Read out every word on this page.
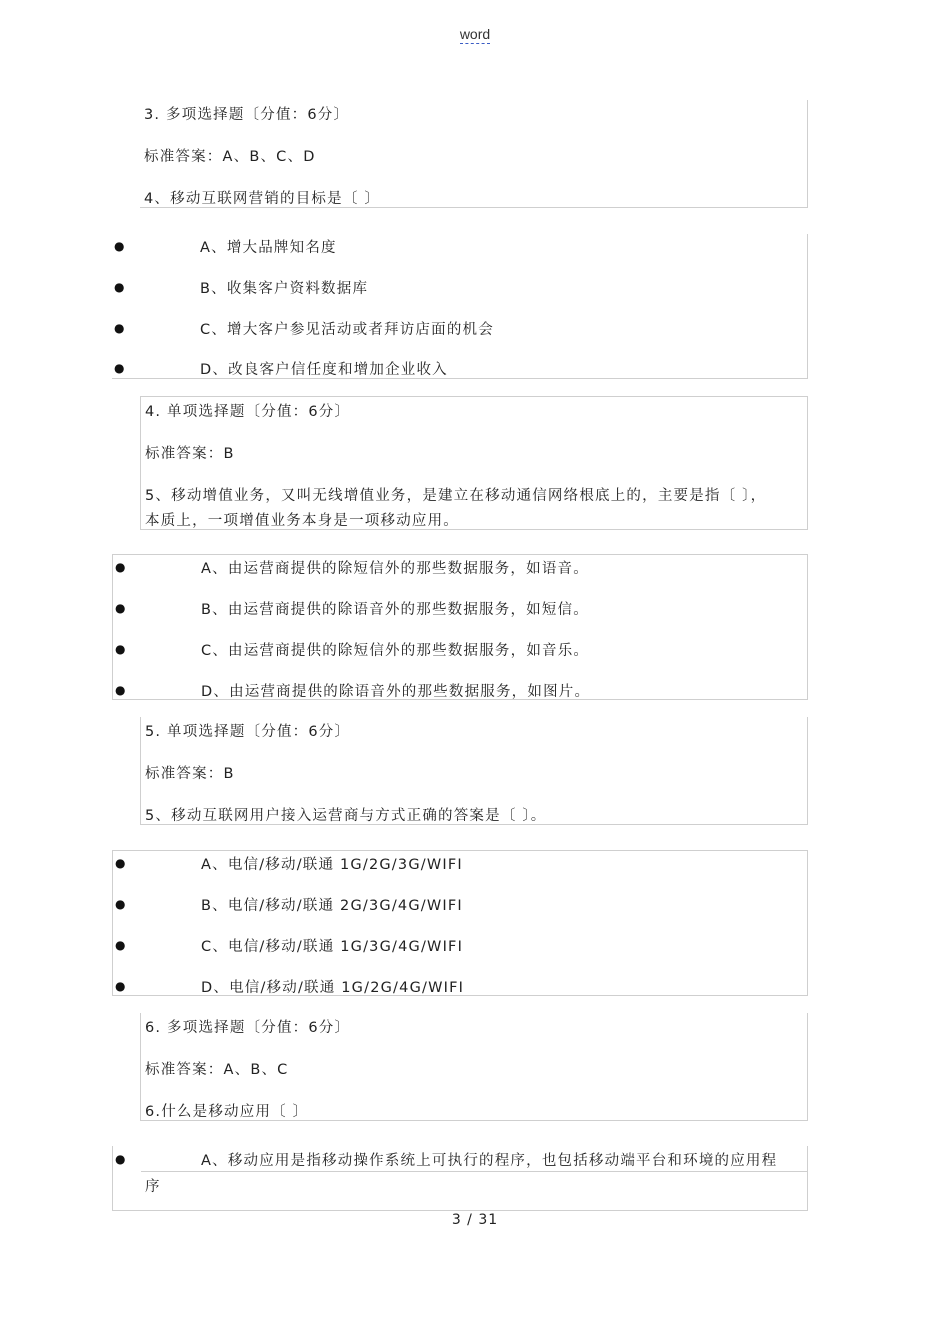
word
3. 多项选择题〔分值：6分〕
标准答案：A、B、C、D
4、移动互联网营销的目标是〔 〕
●	A、增大品牌知名度
●	B、收集客户资料数据库
●	C、增大客户参见活动或者拜访店面的机会
●	D、改良客户信任度和增加企业收入
4. 单项选择题〔分值：6分〕
标准答案：B
5、移动增值业务，又叫无线增值业务，是建立在移动通信网络根底上的，主要是指〔 〕，
本质上，一项增值业务本身是一项移动应用。
●	A、由运营商提供的除短信外的那些数据服务，如语音。
●	B、由运营商提供的除语音外的那些数据服务，如短信。
●	C、由运营商提供的除短信外的那些数据服务，如音乐。
●	D、由运营商提供的除语音外的那些数据服务，如图片。
5. 单项选择题〔分值：6分〕
标准答案：B
5、移动互联网用户接入运营商与方式正确的答案是〔 〕。
●	A、电信/移动/联通 1G/2G/3G/WIFI
●	B、电信/移动/联通 2G/3G/4G/WIFI
●	C、电信/移动/联通 1G/3G/4G/WIFI
●	D、电信/移动/联通 1G/2G/4G/WIFI
6. 多项选择题〔分值：6分〕
标准答案：A、B、C
6.什么是移动应用〔 〕
●	A、移动应用是指移动操作系统上可执行的程序，也包括移动端平台和环境的应用程
序
3 / 31
